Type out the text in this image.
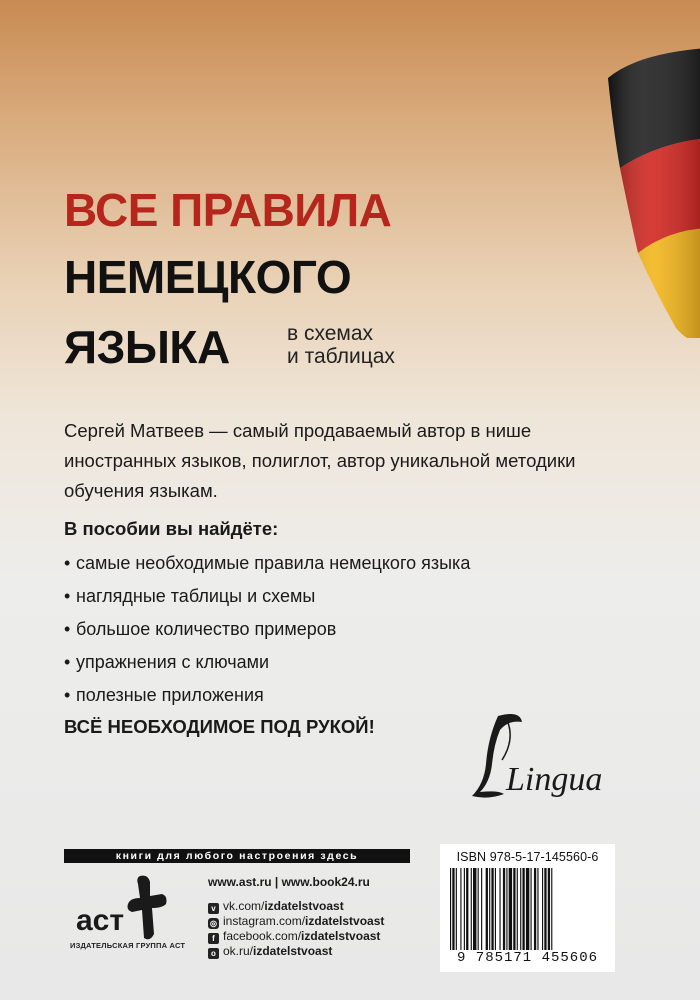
ВСЕ ПРАВИЛА
НЕМЕЦКОГО
ЯЗЫКА	в схемах
и таблицах
Сергей Матвеев — самый продаваемый автор в нише иностранных языков, полиглот, автор уникальной методики обучения языкам.
В пособии вы найдёте:
• самые необходимые правила немецкого языка
• наглядные таблицы и схемы
• большое количество примеров
• упражнения с ключами
• полезные приложения
ВСЁ НЕОБХОДИМОЕ ПОД РУКОЙ!
Lingua
книги для любого настроения здесь
аст
ИЗДАТЕЛЬСКАЯ ГРУППА АСТ
www.ast.ru | www.book24.ru
v vk.com/izdatelstvoast
◎ instagram.com/izdatelstvoast
f facebook.com/izdatelstvoast
o ok.ru/izdatelstvoast
ISBN 978-5-17-145560-6
9 785171 455606
